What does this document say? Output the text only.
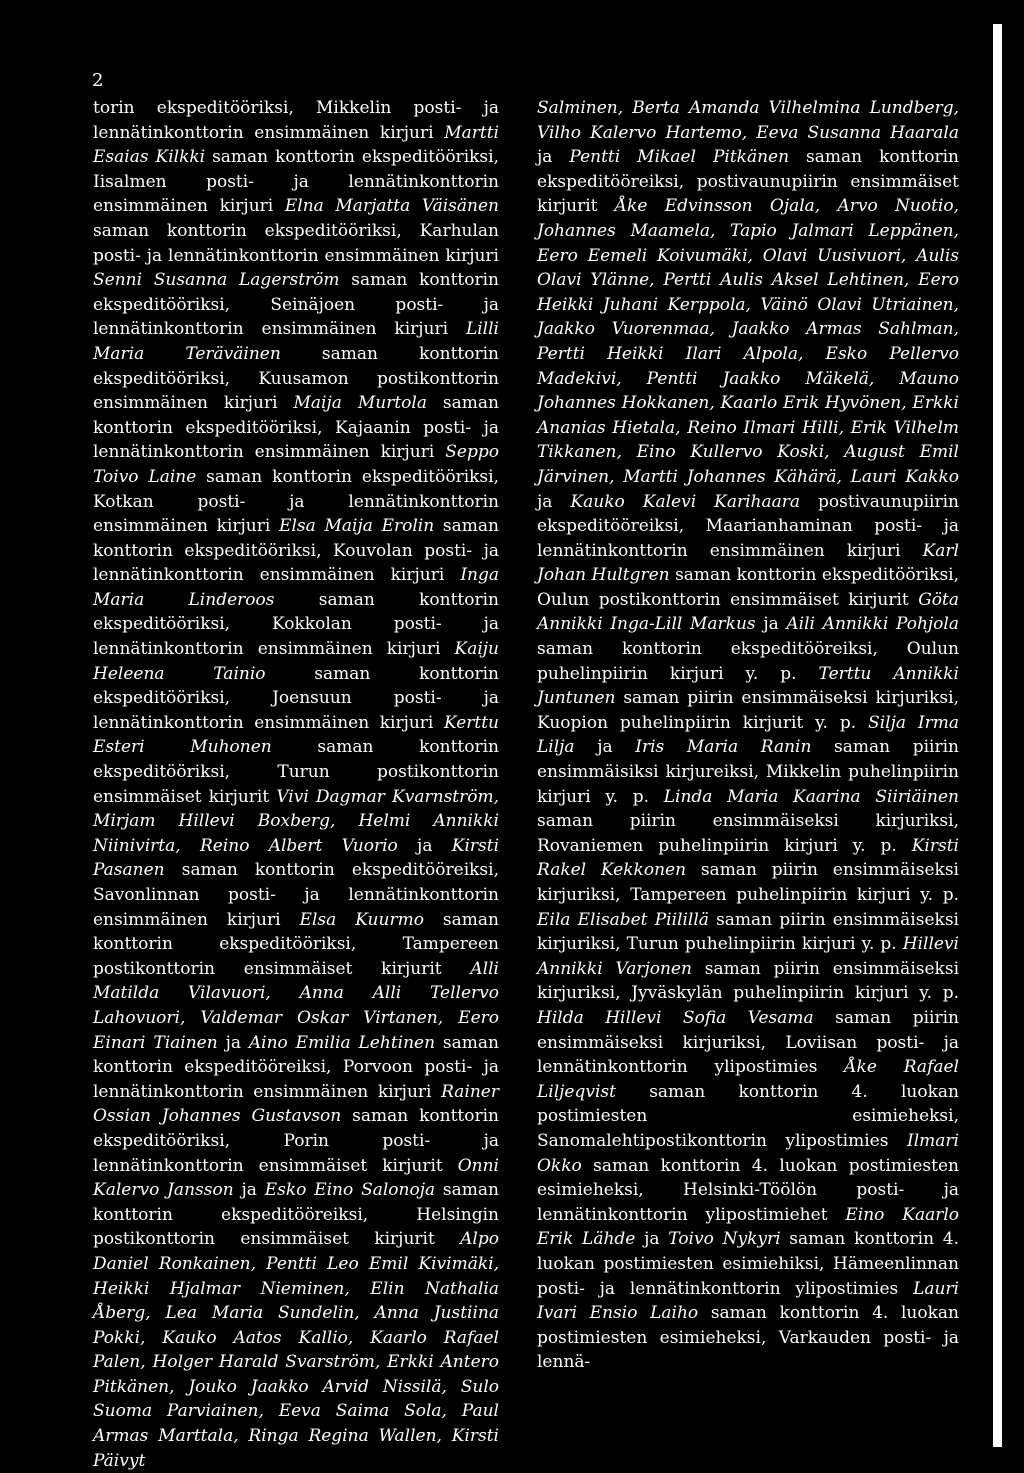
2

torin ekspeditööriksi, Mikkelin posti- ja lennätinkonttorin ensimmäinen kirjuri Martti Esaias Kilkki saman konttorin ekspeditööriksi, Iisalmen posti- ja lennätinkonttorin ensimmäinen kirjuri Elna Marjatta Väisänen saman konttorin ekspeditööriksi, Karhulan posti- ja lennätinkonttorin ensimmäinen kirjuri Senni Susanna Lagerström saman konttorin ekspeditööriksi, Seinäjoen posti- ja lennätinkonttorin ensimmäinen kirjuri Lilli Maria Teräväinen saman konttorin ekspeditööriksi, Kuusamon postikonttorin ensimmäinen kirjuri Maija Murtola saman konttorin ekspeditööriksi, Kajaanin posti- ja lennätinkonttorin ensimmäinen kirjuri Seppo Toivo Laine saman konttorin ekspeditööriksi, Kotkan posti- ja lennätinkonttorin ensimmäinen kirjuri Elsa Maija Erolin saman konttorin ekspeditööriksi, Kouvolan posti- ja lennätinkonttorin ensimmäinen kirjuri Inga Maria Linderoos saman konttorin ekspeditööriksi, Kokkolan posti- ja lennätinkonttorin ensimmäinen kirjuri Kaiju Heleena Tainio saman konttorin ekspeditööriksi, Joensuun posti- ja lennätinkonttorin ensimmäinen kirjuri Kerttu Esteri Muhonen saman konttorin ekspeditööriksi, Turun postikonttorin ensimmäiset kirjurit Vivi Dagmar Kvarnström, Mirjam Hillevi Boxberg, Helmi Annikki Niinivirta, Reino Albert Vuorio ja Kirsti Pasanen saman konttorin ekspeditööreiksi, Savonlinnan posti- ja lennätinkonttorin ensimmäinen kirjuri Elsa Kuurmo saman konttorin ekspeditööriksi, Tampereen postikonttorin ensimmäiset kirjurit Alli Matilda Vilavuori, Anna Alli Tellervo Lahovuori, Valdemar Oskar Virtanen, Eero Einari Tiainen ja Aino Emilia Lehtinen saman konttorin ekspeditööreiksi, Porvoon posti- ja lennätinkonttorin ensimmäinen kirjuri Rainer Ossian Johannes Gustavson saman konttorin ekspeditööriksi, Porin posti- ja lennätinkonttorin ensimmäiset kirjurit Onni Kalervo Jansson ja Esko Eino Salonoja saman konttorin ekspeditööreiksi, Helsingin postikonttorin ensimmäiset kirjurit Alpo Daniel Ronkainen, Pentti Leo Emil Kivimäki, Heikki Hjalmar Nieminen, Elin Nathalia Åberg, Lea Maria Sundelin, Anna Justiina Pokki, Kauko Aatos Kallio, Kaarlo Rafael Palen, Holger Harald Svarström, Erkki Antero Pitkänen, Jouko Jaakko Arvid Nissilä, Sulo Suoma Parviainen, Eeva Saima Sola, Paul Armas Marttala, Ringa Regina Wallen, Kirsti Päivyt

Salminen, Berta Amanda Vilhelmina Lundberg, Vilho Kalervo Hartemo, Eeva Susanna Haarala ja Pentti Mikael Pitkänen saman konttorin ekspeditööreiksi, postivaunupiirin ensimmäiset kirjurit Åke Edvinsson Ojala, Arvo Nuotio, Johannes Maamela, Tapio Jalmari Leppänen, Eero Eemeli Koivumäki, Olavi Uusivuori, Aulis Olavi Ylänne, Pertti Aulis Aksel Lehtinen, Eero Heikki Juhani Kerppola, Väinö Olavi Utriainen, Jaakko Vuorenmaa, Jaakko Armas Sahlman, Pertti Heikki Ilari Alpola, Esko Pellervo Madekivi, Pentti Jaakko Mäkelä, Mauno Johannes Hokkanen, Kaarlo Erik Hyvönen, Erkki Ananias Hietala, Reino Ilmari Hilli, Erik Vilhelm Tikkanen, Eino Kullervo Koski, August Emil Järvinen, Martti Johannes Kähärä, Lauri Kakko ja Kauko Kalevi Karihaara postivaunupiirin ekspeditööreiksi, Maarianhaminan posti- ja lennätinkonttorin ensimmäinen kirjuri Karl Johan Hultgren saman konttorin ekspeditööriksi, Oulun postikonttorin ensimmäiset kirjurit Göta Annikki Inga-Lill Markus ja Aili Annikki Pohjola saman konttorin ekspeditööreiksi, Oulun puhelinpiirin kirjuri y. p. Terttu Annikki Juntunen saman piirin ensimmäiseksi kirjuriksi, Kuopion puhelinpiirin kirjurit y. p. Silja Irma Lilja ja Iris Maria Ranin saman piirin ensimmäisiksi kirjureiksi, Mikkelin puhelinpiirin kirjuri y. p. Linda Maria Kaarina Siiriäinen saman piirin ensimmäiseksi kirjuriksi, Rovaniemen puhelinpiirin kirjuri y. p. Kirsti Rakel Kekkonen saman piirin ensimmäiseksi kirjuriksi, Tampereen puhelinpiirin kirjuri y. p. Eila Elisabet Piilillä saman piirin ensimmäiseksi kirjuriksi, Turun puhelinpiirin kirjuri y. p. Hillevi Annikki Varjonen saman piirin ensimmäiseksi kirjuriksi, Jyväskylän puhelinpiirin kirjuri y. p. Hilda Hillevi Sofia Vesama saman piirin ensimmäiseksi kirjuriksi, Loviisan posti- ja lennätinkonttorin ylipostimies Åke Rafael Liljeqvist saman konttorin 4. luokan postimiesten esimieheksi, Sanomalehtipostikonttorin ylipostimies Ilmari Okko saman konttorin 4. luokan postimiesten esimieheksi, Helsinki-Töölön posti- ja lennätinkonttorin ylipostimiehet Eino Kaarlo Erik Lähde ja Toivo Nykyri saman konttorin 4. luokan postimiesten esimiehiksi, Hämeenlinnan posti- ja lennätinkonttorin ylipostimies Lauri Ivari Ensio Laiho saman konttorin 4. luokan postimiesten esimieheksi, Varkauden posti- ja lennä-
